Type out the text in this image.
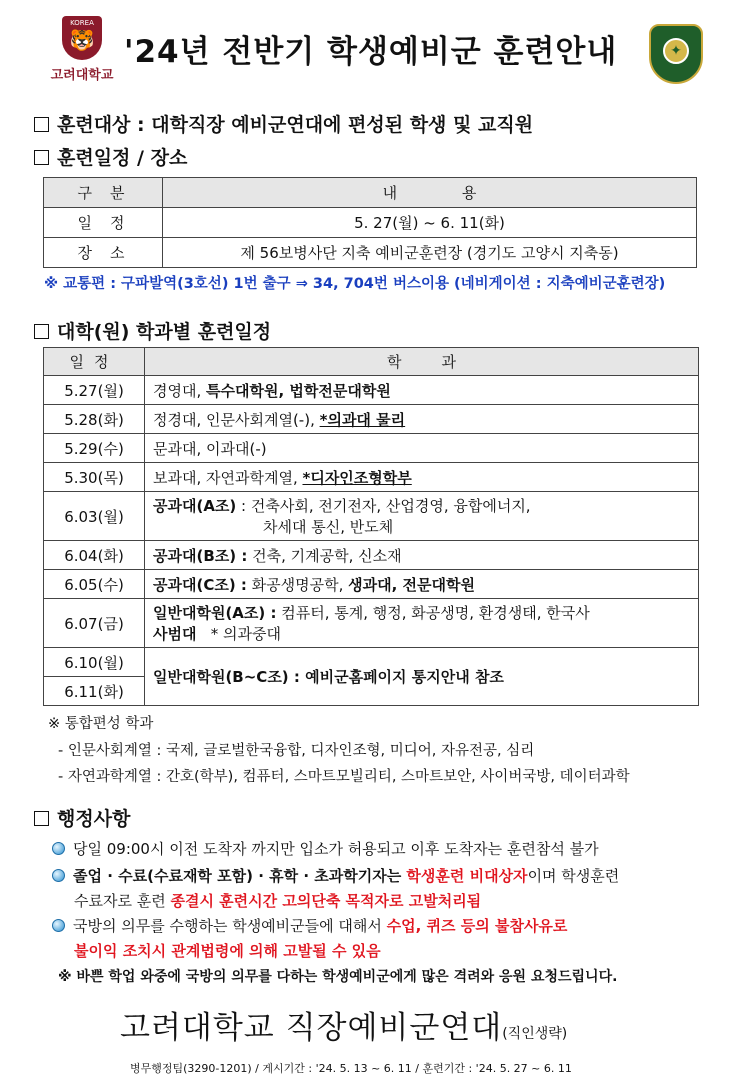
KOREA
🐯
고려대학교
'24년 전반기 학생예비군 훈련안내	✦
훈련대상 : 대학직장 예비군연대에 편성된 학생 및 교직원
훈련일정 / 장소
구분	내 용
일정	5. 27(월) ~ 6. 11(화)
장소	제 56보병사단 지축 예비군훈련장 (경기도 고양시 지축동)
※ 교통편 : 구파발역(3호선) 1번 출구 ⇒ 34, 704번 버스이용 (네비게이션 : 지축예비군훈련장)
대학(원) 학과별 훈련일정
일정	학과
5.27(월)	경영대, 특수대학원, 법학전문대학원
5.28(화)	정경대, 인문사회계열(-), *의과대 물리
5.29(수)	문과대, 이과대(-)
5.30(목)	보과대, 자연과학계열, *디자인조형학부
6.03(월)	공과대(A조) : 건축사회, 전기전자, 산업경영, 융합에너지,
차세대 통신, 반도체

6.04(화)	공과대(B조) : 건축, 기계공학, 신소재
6.05(수)	공과대(C조) : 화공생명공학, 생과대, 전문대학원
6.07(금)	일반대학원(A조) : 컴퓨터, 통계, 행정, 화공생명, 환경생태, 한국사
사범대   * 의과중대
6.10(월)	일반대학원(B~C조) : 예비군홈페이지 통지안내 참조
6.11(화)	
※ 통합편성 학과
- 인문사회계열 : 국제, 글로벌한국융합, 디자인조형, 미디어, 자유전공, 심리
- 자연과학계열 : 간호(학부), 컴퓨터, 스마트모빌리티, 스마트보안, 사이버국방, 데이터과학
행정사항
당일 09:00시 이전 도착자 까지만 입소가 허용되고 이후 도착자는 훈련참석 불가
졸업 · 수료(수료재학 포함) · 휴학 · 초과학기자는 학생훈련 비대상자이며 학생훈련
수료자로 훈련 종결시 훈련시간 고의단축 목적자로 고발처리됨
국방의 의무를 수행하는 학생예비군들에 대해서 수업, 퀴즈 등의 불참사유로
불이익 조치시 관계법령에 의해 고발될 수 있음
※ 바쁜 학업 와중에 국방의 의무를 다하는 학생예비군에게 많은 격려와 응원 요청드립니다.
고려대학교 직장예비군연대(직인생략)
병무행정팀(3290-1201) / 게시기간 : '24. 5. 13 ~ 6. 11 / 훈련기간 : '24. 5. 27 ~ 6. 11
